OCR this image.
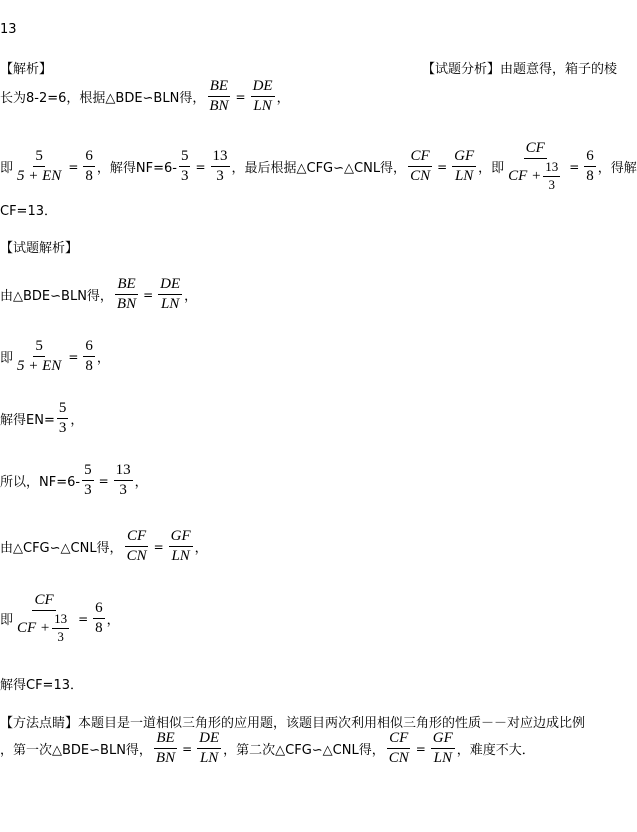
13
【解析】	【试题分析】 由题意得，箱子的棱
长为8-2=6，根据△BDE∽BLN得， $\frac{BE}{BN} = \frac{DE}{LN}$ ，
即 $\frac{5}{5 + EN} = \frac{6}{8}$ ，解得$NF=6- \frac{5}{3} = \frac{13}{3}$ ，最后根据△CFG∽△CNL得， $\frac{CF}{CN} = \frac{GF}{LN}$ ，即 $\frac{CF}{CF + \frac{13}{3}} = \frac{6}{8}$ ，得解
CF=13．
【试题解析】
由△BDE∽BLN得， $\frac{BE}{BN} = \frac{DE}{LN}$ ，
即 $\frac{5}{5 + EN} = \frac{6}{8}$ ，
解得$EN= \frac{5}{3}$ ，
所以，$NF=6- \frac{5}{3} = \frac{13}{3}$ ，
由△CFG∽△CNL得， $\frac{CF}{CN} = \frac{GF}{LN}$ ，
即 $\frac{CF}{CF + \frac{13}{3}} = \frac{6}{8}$ ，
解得CF=13．
【方法点睛】 本题目是一道相似三角形的应用题，该题目两次利用相似三角形的性质－－对应边成比例
，第一次△BDE∽BLN得， $\frac{BE}{BN} = \frac{DE}{LN}$ ，第二次△CFG∽△CNL得， $\frac{CF}{CN} = \frac{GF}{LN}$ ，难度不大．
